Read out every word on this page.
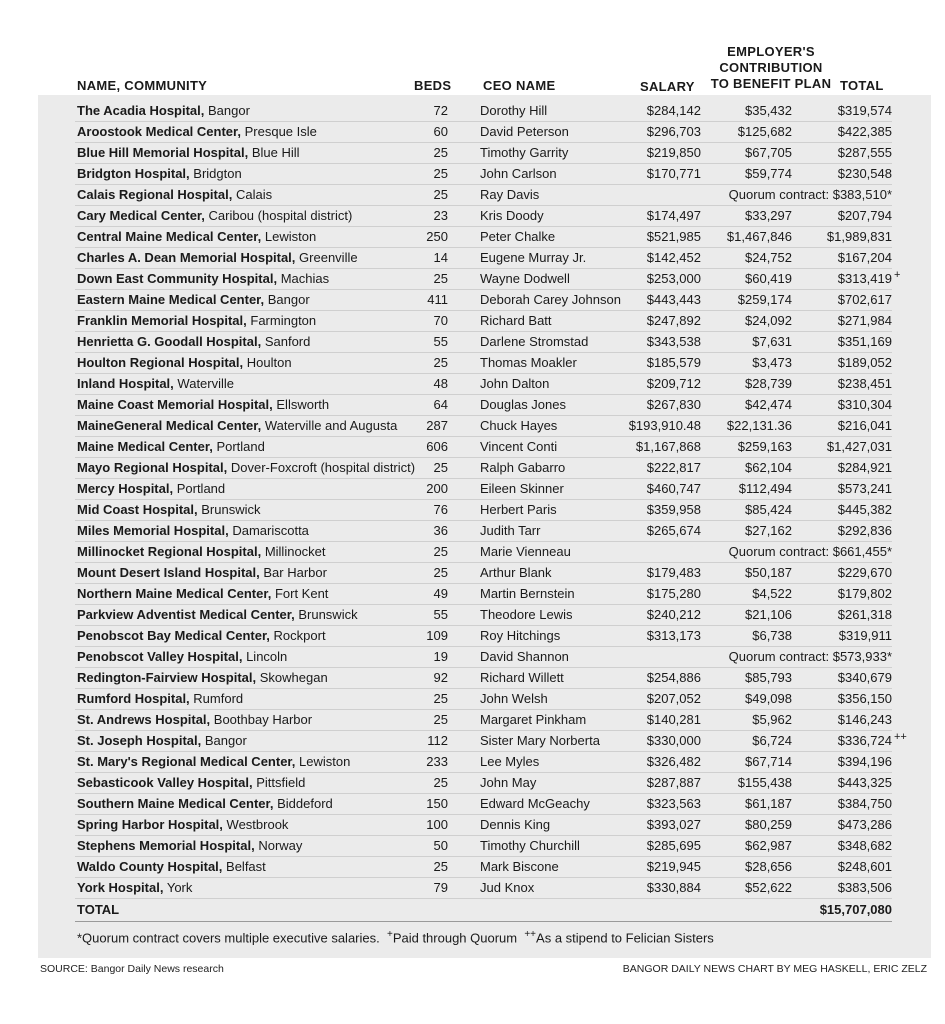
NAME, COMMUNITY	BEDS CEO NAME	SALARY
EMPLOYER'S
CONTRIBUTION
TO BENEFIT PLAN TOTAL
The Acadia Hospital, Bangor	72 Dorothy Hill	$284,142	$35,432	$319,574
Aroostook Medical Center, Presque Isle	60 David Peterson	$296,703	$125,682	$422,385
Blue Hill Memorial Hospital, Blue Hill	25 Timothy Garrity	$219,850	$67,705	$287,555
Bridgton Hospital, Bridgton	25 John Carlson	$170,771	$59,774	$230,548
Calais Regional Hospital, Calais	25 Ray Davis	Quorum contract: $383,510*
Cary Medical Center, Caribou (hospital district)	23 Kris Doody	$174,497	$33,297	$207,794
Central Maine Medical Center, Lewiston	250 Peter Chalke	$521,985 $1,467,846	$1,989,831
Charles A. Dean Memorial Hospital, Greenville	14 Eugene Murray Jr.	$142,452	$24,752	$167,204
Down East Community Hospital, Machias	25 Wayne Dodwell	$253,000	$60,419	$313,419 +
Eastern Maine Medical Center, Bangor	411 Deborah Carey Johnson $443,443	$259,174	$702,617
Franklin Memorial Hospital, Farmington	70 Richard Batt	$247,892	$24,092	$271,984
Henrietta G. Goodall Hospital, Sanford	55 Darlene Stromstad	$343,538	$7,631	$351,169
Houlton Regional Hospital, Houlton	25 Thomas Moakler	$185,579	$3,473	$189,052
Inland Hospital, Waterville	48 John Dalton	$209,712	$28,739	$238,451
Maine Coast Memorial Hospital, Ellsworth	64 Douglas Jones	$267,830	$42,474	$310,304
MaineGeneral Medical Center, Waterville and Augusta 287 Chuck Hayes	$193,910.48 $22,131.36	$216,041
Maine Medical Center, Portland	606 Vincent Conti	$1,167,868	$259,163	$1,427,031
Mayo Regional Hospital, Dover-Foxcroft (hospital district) 25 Ralph Gabarro	$222,817	$62,104	$284,921
Mercy Hospital, Portland	200 Eileen Skinner	$460,747	$112,494	$573,241
Mid Coast Hospital, Brunswick	76 Herbert Paris	$359,958	$85,424	$445,382
Miles Memorial Hospital, Damariscotta	36 Judith Tarr	$265,674	$27,162	$292,836
Millinocket Regional Hospital, Millinocket	25 Marie Vienneau	Quorum contract: $661,455*
Mount Desert Island Hospital, Bar Harbor	25 Arthur Blank	$179,483	$50,187	$229,670
Northern Maine Medical Center, Fort Kent	49 Martin Bernstein	$175,280	$4,522	$179,802
Parkview Adventist Medical Center, Brunswick	55 Theodore Lewis	$240,212	$21,106	$261,318
Penobscot Bay Medical Center, Rockport	109 Roy Hitchings	$313,173	$6,738	$319,911
Penobscot Valley Hospital, Lincoln	19 David Shannon	Quorum contract: $573,933*
Redington-Fairview Hospital, Skowhegan	92 Richard Willett	$254,886	$85,793	$340,679
Rumford Hospital, Rumford	25 John Welsh	$207,052	$49,098	$356,150
St. Andrews Hospital, Boothbay Harbor	25 Margaret Pinkham	$140,281	$5,962	$146,243
St. Joseph Hospital, Bangor	112 Sister Mary Norberta	$330,000	$6,724	$336,724 ++
St. Mary's Regional Medical Center, Lewiston	233 Lee Myles	$326,482	$67,714	$394,196
Sebasticook Valley Hospital, Pittsfield	25 John May	$287,887	$155,438	$443,325
Southern Maine Medical Center, Biddeford	150 Edward McGeachy	$323,563	$61,187	$384,750
Spring Harbor Hospital, Westbrook	100 Dennis King	$393,027	$80,259	$473,286
Stephens Memorial Hospital, Norway	50 Timothy Churchill	$285,695	$62,987	$348,682
Waldo County Hospital, Belfast	25 Mark Biscone	$219,945	$28,656	$248,601
York Hospital, York	79 Jud Knox	$330,884	$52,622	$383,506
TOTAL	$15,707,080
*Quorum contract covers multiple executive salaries. +Paid through Quorum ++As a stipend to Felician Sisters
SOURCE: Bangor Daily News research	BANGOR DAILY NEWS CHART BY MEG HASKELL, ERIC ZELZ
